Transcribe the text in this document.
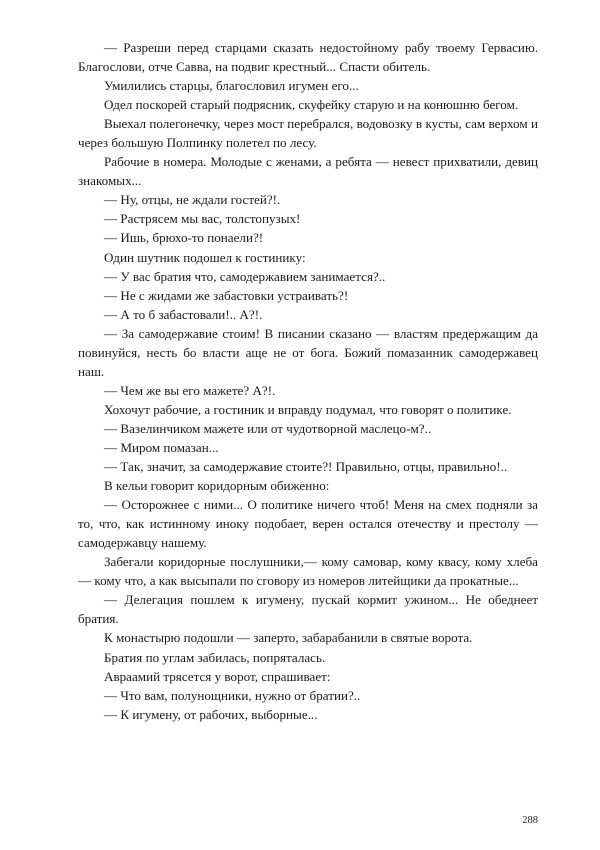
— Разреши перед старцами сказать недостойному рабу твоему Гервасию. Благослови, отче Савва, на подвиг крестный... Спасти обитель.

Умилились старцы, благословил игумен его...

Одел поскорей старый подрясник, скуфейку старую и на конюшню бегом.

Выехал полегонечку, через мост перебрался, водовозку в кусты, сам верхом и через большую Полпинку полетел по лесу.

Рабочие в номера. Молодые с женами, а ребята — невест прихватили, девиц знакомых...

— Ну, отцы, не ждали гостей?!.

— Растрясем мы вас, толстопузых!

— Ишь, брюхо-то понаели?!

Один шутник подошел к гостинику:

— У вас братия что, самодержавием занимается?..

— Не с жидами же забастовки устраивать?!

— А то б забастовали!.. А?!.

— За самодержавие стоим! В писании сказано — властям предержащим да повинуйся, несть бо власти аще не от бога. Божий помазанник самодержавец наш.

— Чем же вы его мажете? А?!.

Хохочут рабочие, а гостиник и вправду подумал, что говорят о политике.

— Вазелинчиком мажете или от чудотворной маслецо-м?..

— Миром помазан...

— Так, значит, за самодержавие стоите?! Правильно, отцы, правильно!..

В кельи говорит коридорным обиженно:

— Осторожнее с ними... О политике ничего чтоб! Меня на смех подняли за то, что, как истинному иноку подобает, верен остался отечеству и престолу — самодержавцу нашему.

Забегали коридорные послушники,— кому самовар, кому квасу, кому хлеба — кому что, а как высыпали по сговору из номеров литейщики да прокатные...

— Делегация пошлем к игумену, пускай кормит ужином... Не обеднеет братия.

К монастырю подошли — заперто, забарабанили в святые ворота.

Братия по углам забилась, попряталась.

Авраамий трясется у ворот, спрашивает:

— Что вам, полунощники, нужно от братии?..

— К игумену, от рабочих, выборные...

288
